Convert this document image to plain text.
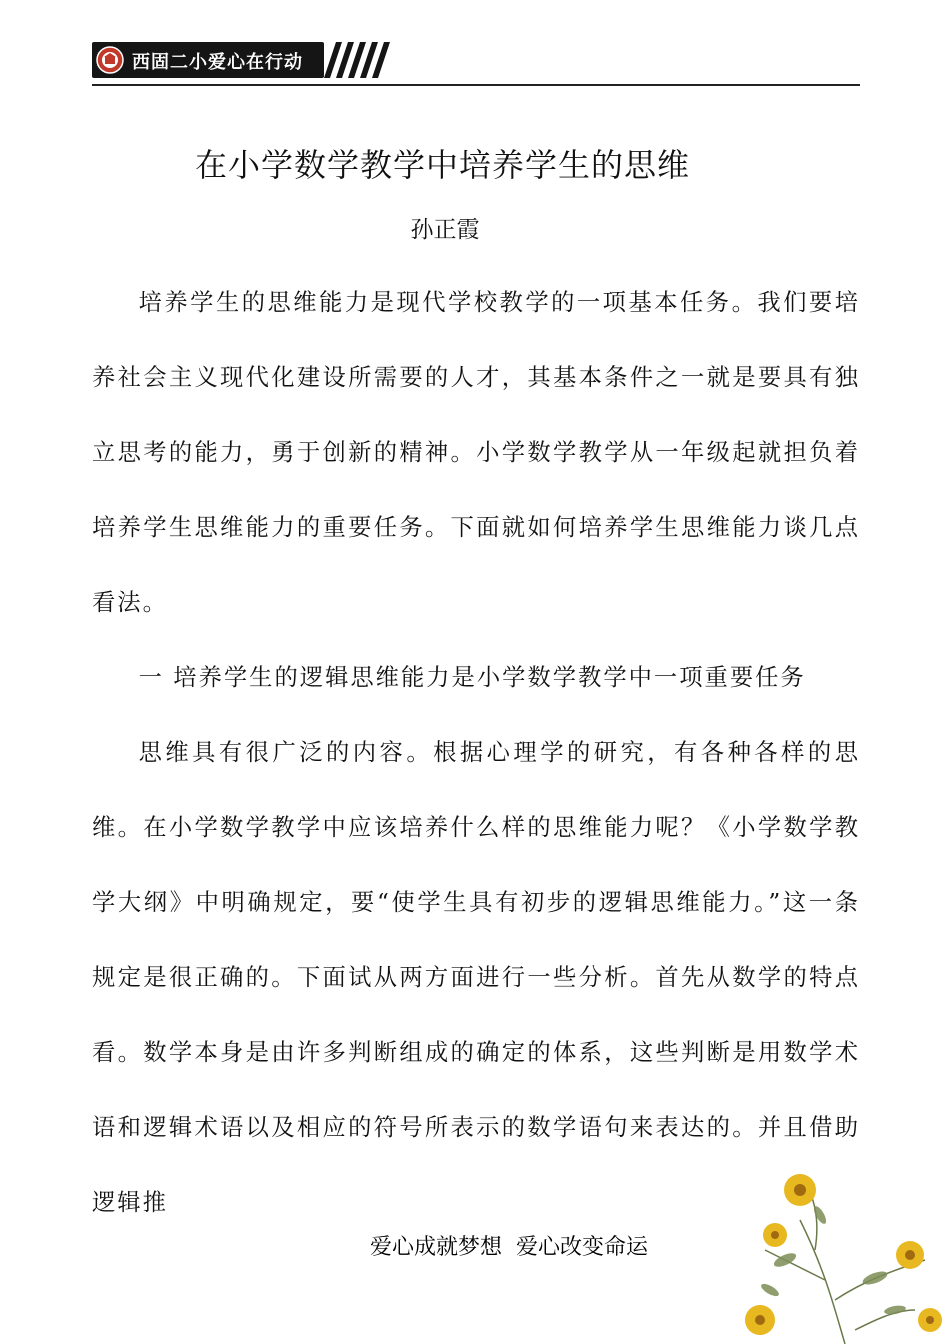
西固二小爱心在行动
在小学数学教学中培养学生的思维
孙正霞

培养学生的思维能力是现代学校教学的一项基本任务。我们要培养社会主义现代化建设所需要的人才，其基本条件之一就是要具有独立思考的能力，勇于创新的精神。小学数学教学从一年级起就担负着培养学生思维能力的重要任务。下面就如何培养学生思维能力谈几点看法。

一 培养学生的逻辑思维能力是小学数学教学中一项重要任务

思维具有很广泛的内容。根据心理学的研究，有各种各样的思维。在小学数学教学中应该培养什么样的思维能力呢？《小学数学教学大纲》中明确规定，要“使学生具有初步的逻辑思维能力。”这一条规定是很正确的。下面试从两方面进行一些分析。首先从数学的特点看。数学本身是由许多判断组成的确定的体系，这些判断是用数学术语和逻辑术语以及相应的符号所表示的数学语句来表达的。并且借助逻辑推

爱心成就梦想  爱心改变命运
